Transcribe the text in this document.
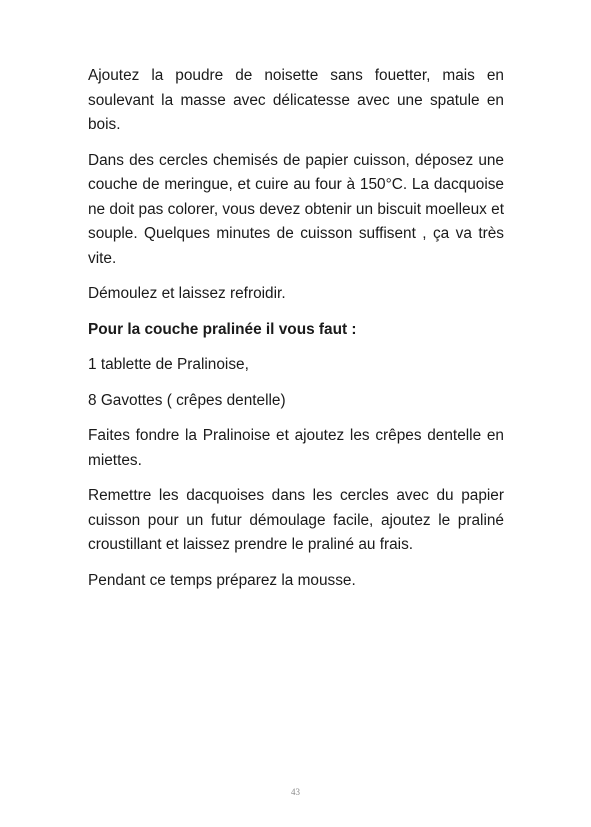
Ajoutez la poudre de noisette sans fouetter, mais en soulevant la masse avec délicatesse avec une spatule en bois.

Dans des cercles chemisés de papier cuisson, déposez une couche de meringue, et cuire au four à 150°C. La dacquoise ne doit pas colorer, vous devez obtenir un biscuit moelleux et souple. Quelques minutes de cuisson suffisent , ça va très vite.

Démoulez et laissez refroidir.

Pour la couche pralinée il vous faut :

1 tablette de Pralinoise,

8 Gavottes ( crêpes dentelle)

Faites fondre la Pralinoise et ajoutez les crêpes dentelle en miettes.

Remettre les dacquoises dans les cercles avec du papier cuisson pour un futur démoulage facile, ajoutez le praliné croustillant et laissez prendre le praliné au frais.

Pendant ce temps préparez la mousse.

43
